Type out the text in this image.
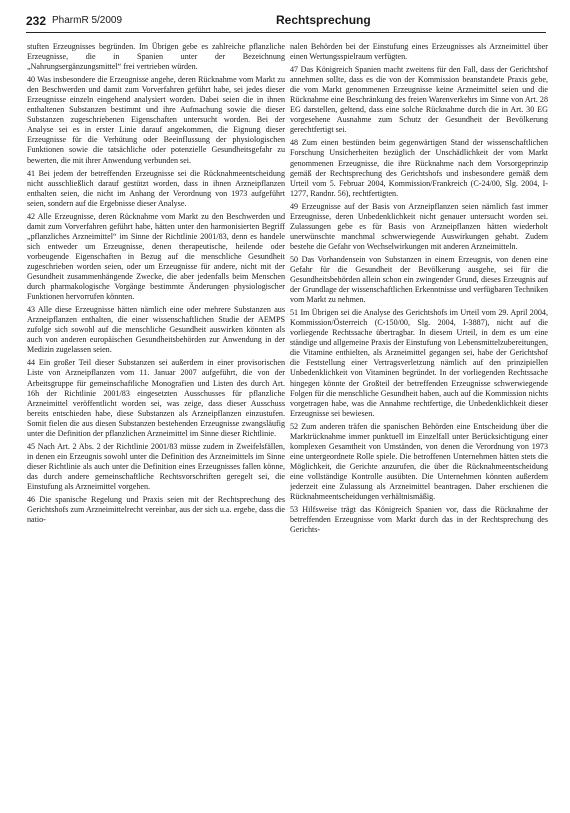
232 PharmR 5/2009	Rechtsprechung

stuften Erzeugnisses begründen. Im Übrigen gebe es zahlreiche pflanzliche Erzeugnisse, die in Spanien unter der Bezeichnung „Nahrungsergänzungsmittel“ frei vertrieben würden.

40 Was insbesondere die Erzeugnisse angehe, deren Rücknahme vom Markt zu den Beschwerden und damit zum Vorverfahren geführt habe, sei jedes dieser Erzeugnisse einzeln eingehend analysiert worden. Dabei seien die in ihnen enthaltenen Substanzen bestimmt und ihre Aufmachung sowie die dieser Substanzen zugeschriebenen Eigenschaften untersucht worden. Bei der Analyse sei es in erster Linie darauf angekommen, die Eignung dieser Erzeugnisse für die Verhütung oder Beeinflussung der physiologischen Funktionen sowie die tatsächliche oder potenzielle Gesundheitsgefahr zu bewerten, die mit ihrer Anwendung verbunden sei.

41 Bei jedem der betreffenden Erzeugnisse sei die Rücknahmeentscheidung nicht ausschließlich darauf gestützt worden, dass in ihnen Arzneipflanzen enthalten seien, die nicht im Anhang der Verordnung von 1973 aufgeführt seien, sondern auf die Ergebnisse dieser Analyse.

42 Alle Erzeugnisse, deren Rücknahme vom Markt zu den Beschwerden und damit zum Vorverfahren geführt habe, hätten unter den harmonisierten Begriff „pflanzliches Arzneimittel“ im Sinne der Richtlinie 2001/83, denn es handele sich entweder um Erzeugnisse, denen therapeutische, heilende oder vorbeugende Eigenschaften in Bezug auf die menschliche Gesundheit zugeschrieben worden seien, oder um Erzeugnisse für andere, nicht mit der Gesundheit zusammenhängende Zwecke, die aber jedenfalls beim Menschen durch pharmakologische Vorgänge bestimmte Änderungen physiologischer Funktionen hervorrufen könnten.

43 Alle diese Erzeugnisse hätten nämlich eine oder mehrere Substanzen aus Arzneipflanzen enthalten, die einer wissenschaftlichen Studie der AEMPS zufolge sich sowohl auf die menschliche Gesundheit auswirken könnten als auch von anderen europäischen Gesundheitsbehörden zur Anwendung in der Medizin zugelassen seien.

44 Ein großer Teil dieser Substanzen sei außerdem in einer provisorischen Liste von Arzneipflanzen vom 11. Januar 2007 aufgeführt, die von der Arbeitsgruppe für gemeinschaftliche Monografien und Listen des durch Art. 16h der Richtlinie 2001/83 eingesetzten Ausschusses für pflanzliche Arzneimittel veröffentlicht worden sei, was zeige, dass dieser Ausschuss bereits entschieden habe, diese Substanzen als Arzneipflanzen einzustufen. Somit fielen die aus diesen Substanzen bestehenden Erzeugnisse zwangsläufig unter die Definition der pflanzlichen Arzneimittel im Sinne dieser Richtlinie.

45 Nach Art. 2 Abs. 2 der Richtlinie 2001/83 müsse zudem in Zweifelsfällen, in denen ein Erzeugnis sowohl unter die Definition des Arzneimittels im Sinne dieser Richtlinie als auch unter die Definition eines Erzeugnisses fallen könne, das durch andere gemeinschaftliche Rechtsvorschriften geregelt sei, die Einstufung als Arzneimittel vorgehen.

46 Die spanische Regelung und Praxis seien mit der Rechtsprechung des Gerichtshofs zum Arzneimittelrecht vereinbar, aus der sich u.a. ergebe, dass die natio-

nalen Behörden bei der Einstufung eines Erzeugnisses als Arzneimittel über einen Wertungsspielraum verfügten.

47 Das Königreich Spanien macht zweitens für den Fall, dass der Gerichtshof annehmen sollte, dass es die von der Kommission beanstandete Praxis gebe, die vom Markt genommenen Erzeugnisse keine Arzneimittel seien und die Rücknahme eine Beschränkung des freien Warenverkehrs im Sinne von Art. 28 EG darstellen, geltend, dass eine solche Rücknahme durch die in Art. 30 EG vorgesehene Ausnahme zum Schutz der Gesundheit der Bevölkerung gerechtfertigt sei.

48 Zum einen bestünden beim gegenwärtigen Stand der wissenschaftlichen Forschung Unsicherheiten bezüglich der Unschädlichkeit der vom Markt genommenen Erzeugnisse, die ihre Rücknahme nach dem Vorsorgeprinzip gemäß der Rechtsprechung des Gerichtshofs und insbesondere gemäß dem Urteil vom 5. Februar 2004, Kommission/Frankreich (C-24/00, Slg. 2004, I-1277, Randnr. 56), rechtfertigten.

49 Erzeugnisse auf der Basis von Arzneipflanzen seien nämlich fast immer Erzeugnisse, deren Unbedenklichkeit nicht genauer untersucht worden sei. Zulassungen gebe es für Basis von Arzneipflanzen hätten wiederholt unerwünschte manchmal schwerwiegende Auswirkungen gehabt. Zudem bestehe die Gefahr von Wechselwirkungen mit anderen Arzneimitteln.

50 Das Vorhandensein von Substanzen in einem Erzeugnis, von denen eine Gefahr für die Gesundheit der Bevölkerung ausgehe, sei für die Gesundheitsbehörden allein schon ein zwingender Grund, dieses Erzeugnis auf der Grundlage der wissenschaftlichen Erkenntnisse und verfügbaren Techniken vom Markt zu nehmen.

51 Im Übrigen sei die Analyse des Gerichtshofs im Urteil vom 29. April 2004, Kommission/Österreich (C-150/00, Slg. 2004, I-3887), nicht auf die vorliegende Rechtssache übertragbar. In diesem Urteil, in dem es um eine ständige und allgemeine Praxis der Einstufung von Lebensmittelzubereitungen, die Vitamine enthielten, als Arzneimittel gegangen sei, habe der Gerichtshof die Feststellung einer Vertragsverletzung nämlich auf den prinzipiellen Unbedenklichkeit von Vitaminen begründet. In der vorliegenden Rechtssache hingegen könnte der Großteil der betreffenden Erzeugnisse schwerwiegende Folgen für die menschliche Gesundheit haben, auch auf die Kommission nichts vorgetragen habe, was die Annahme rechtfertige, die Unbedenklichkeit dieser Erzeugnisse sei bewiesen.

52 Zum anderen träfen die spanischen Behörden eine Entscheidung über die Marktrücknahme immer punktuell im Einzelfall unter Berücksichtigung einer komplexen Gesamtheit von Umständen, von denen die Verordnung von 1973 eine untergeordnete Rolle spiele. Die betroffenen Unternehmen hätten stets die Möglichkeit, die Gerichte anzurufen, die über die Rücknahmeentscheidung eine vollständige Kontrolle ausübten. Die Unternehmen könnten außerdem jederzeit eine Zulassung als Arzneimittel beantragen. Daher erschienen die Rücknahmeentscheidungen verhältnismäßig.

53 Hilfsweise trägt das Königreich Spanien vor, dass die Rücknahme der betreffenden Erzeugnisse vom Markt durch das in der Rechtsprechung des Gerichts-
